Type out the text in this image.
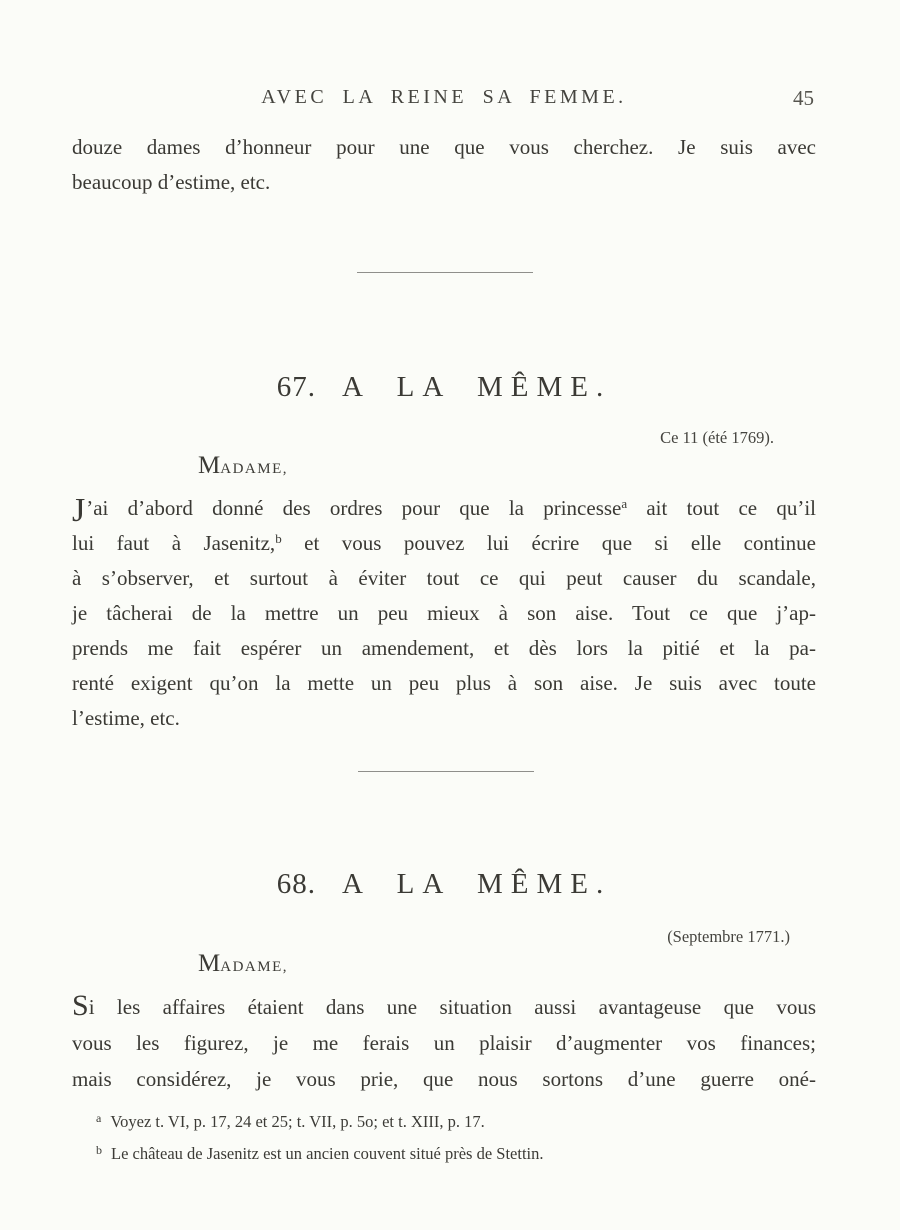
AVEC LA REINE SA FEMME.	45
douze dames d’honneur pour une que vous cherchez. Je suis avec
beaucoup d’estime, etc.
67. A LA MÊME.
Ce 11 (été 1769).
MADAME,
J’ai d’abord donné des ordres pour que la princesse$^a$ ait tout ce qu’il
lui faut à Jasenitz,$^b$ et vous pouvez lui écrire que si elle continue
à s’observer, et surtout à éviter tout ce qui peut causer du scandale,
je tâcherai de la mettre un peu mieux à son aise. Tout ce que j’ap-
prends me fait espérer un amendement, et dès lors la pitié et la pa-
renté exigent qu’on la mette un peu plus à son aise. Je suis avec toute
l’estime, etc.
68. A LA MÊME.
(Septembre 1771.)
MADAME,
Si les affaires étaient dans une situation aussi avantageuse que vous
vous les figurez, je me ferais un plaisir d’augmenter vos finances;
mais considérez, je vous prie, que nous sortons d’une guerre oné-
$^a$ Voyez t. VI, p. 17, 24 et 25; t. VII, p. 5o; et t. XIII, p. 17.
$^b$ Le château de Jasenitz est un ancien couvent situé près de Stettin.
